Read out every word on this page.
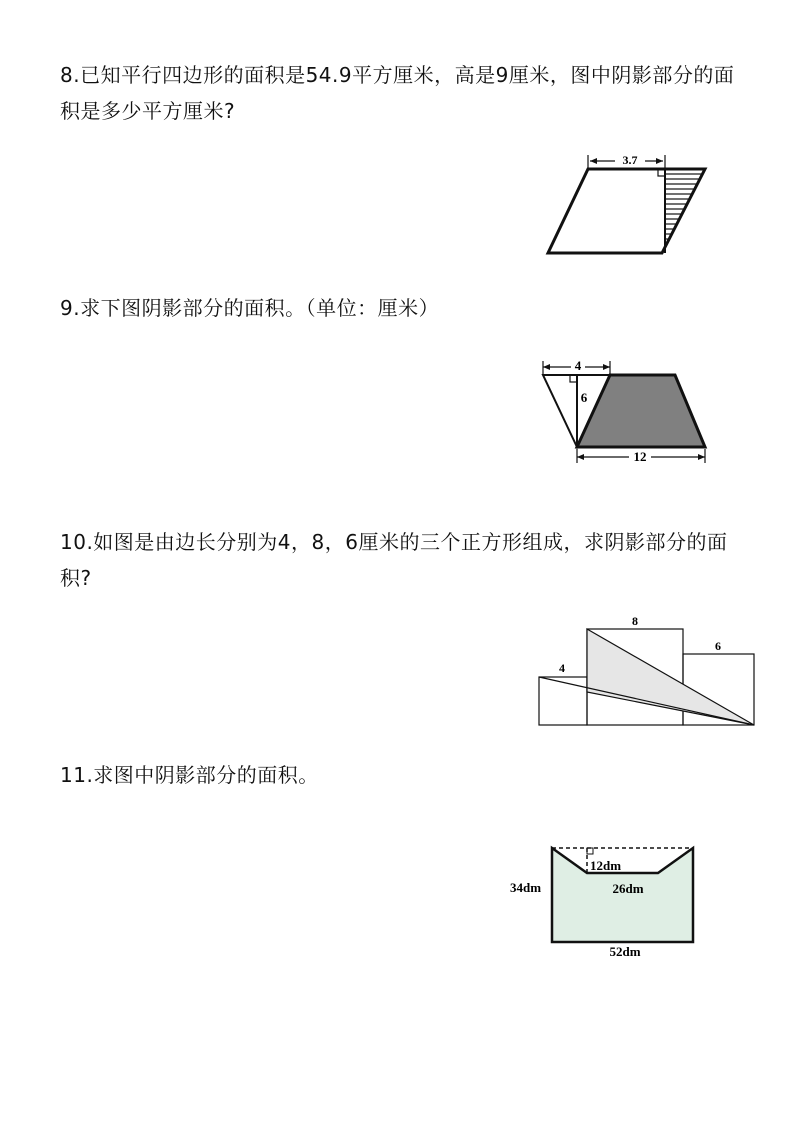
8.已知平行四边形的面积是54.9平方厘米，高是9厘米，图中阴影部分的面积是多少平方厘米?
3.7
9.求下图阴影部分的面积。（单位：厘米）
4
6
12
10.如图是由边长分别为4，8，6厘米的三个正方形组成，求阴影部分的面积?
4
8
6
11.求图中阴影部分的面积。
12dm
34dm	26dm
52dm
